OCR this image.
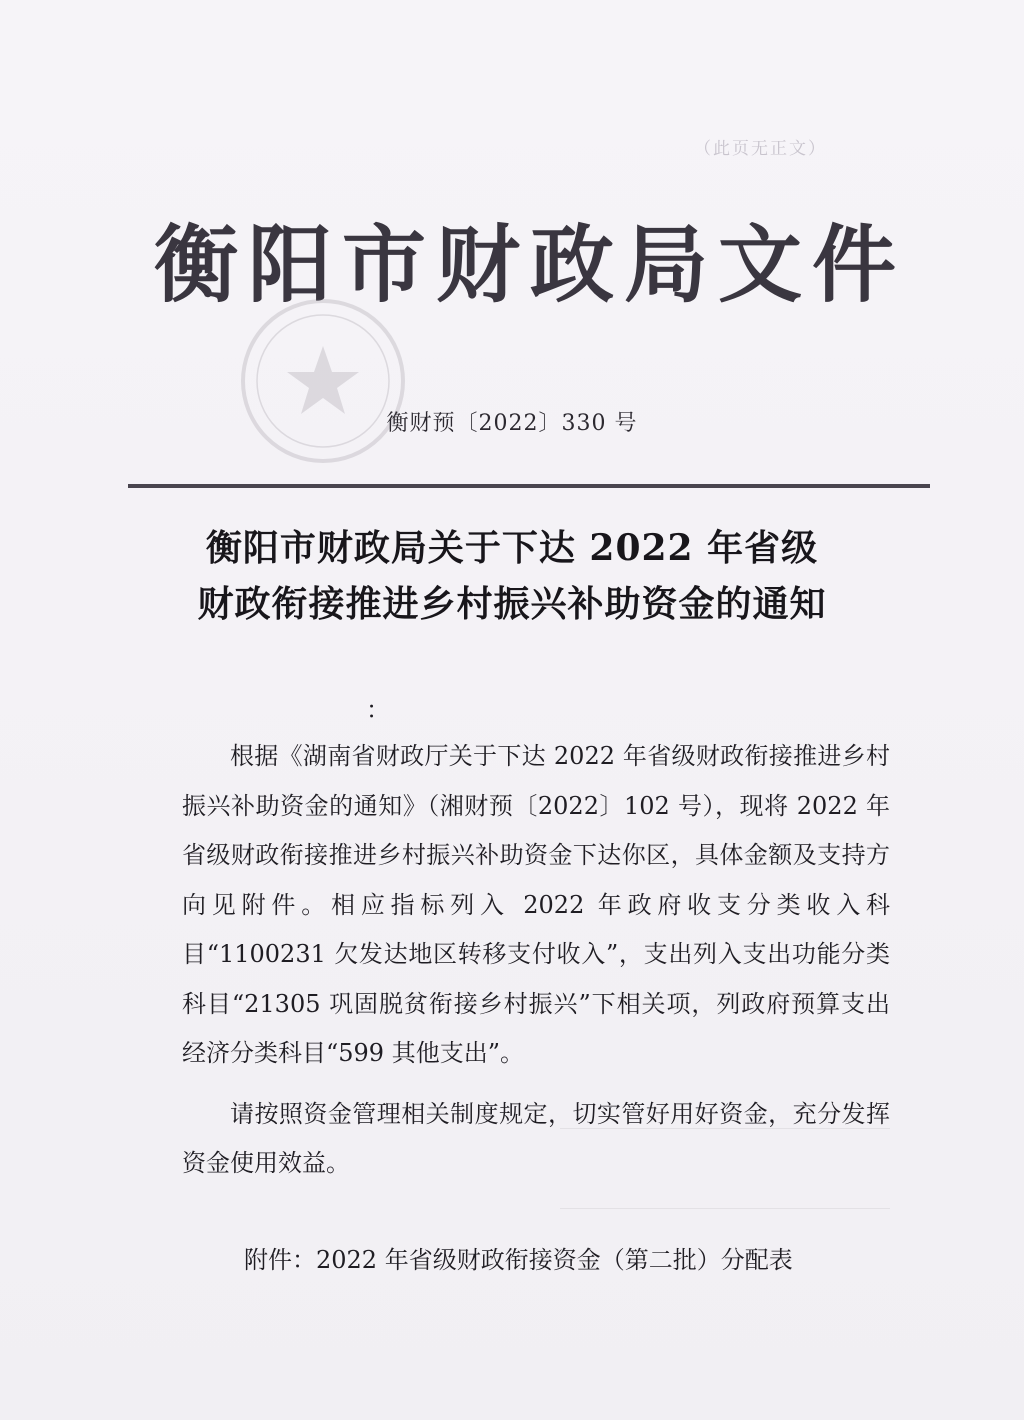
（此页无正文）
衡阳市财政局文件
衡财预〔2022〕330 号
衡阳市财政局关于下达 2022 年省级
财政衔接推进乡村振兴补助资金的通知
：

根据《湖南省财政厅关于下达 2022 年省级财政衔接推进乡村振兴补助资金的通知》（湘财预〔2022〕102 号），现将 2022 年省级财政衔接推进乡村振兴补助资金下达你区，具体金额及支持方向见附件。相应指标列入 2022 年政府收支分类收入科目“1100231 欠发达地区转移支付收入”，支出列入支出功能分类科目“21305 巩固脱贫衔接乡村振兴”下相关项，列政府预算支出经济分类科目“599 其他支出”。

请按照资金管理相关制度规定，切实管好用好资金，充分发挥资金使用效益。

附件：2022 年省级财政衔接资金（第二批）分配表
